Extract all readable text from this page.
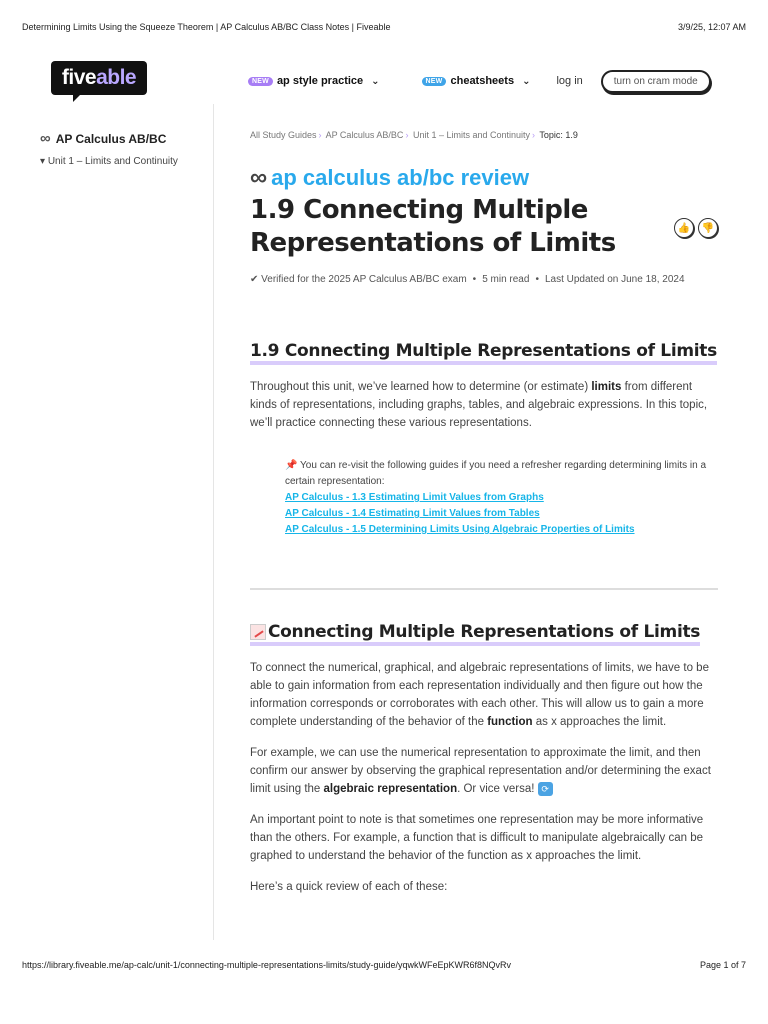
Determining Limits Using the Squeeze Theorem | AP Calculus AB/BC Class Notes | Fiveable	3/9/25, 12:07 AM
five able	NEW ap style practice ⌄	NEW cheatsheets ⌄ log in	turn on cram mode
∞ AP Calculus AB/BC
▾ Unit 1 – Limits and Continuity
All Study Guides › AP Calculus AB/BC › Unit 1 – Limits and Continuity › Topic: 1.9
∞ ap calculus ab/bc review
1.9 Connecting Multiple Representations of Limits	👍	👎
✔ Verified for the 2025 AP Calculus AB/BC exam • 5 min read • Last Updated on June 18, 2024
1.9 Connecting Multiple Representations of Limits

Throughout this unit, we’ve learned how to determine (or estimate) limits from different kinds of representations, including graphs, tables, and algebraic expressions. In this topic, we’ll practice connecting these various representations.

📌 You can re-visit the following guides if you need a refresher regarding determining limits in a certain representation:

AP Calculus - 1.3 Estimating Limit Values from Graphs
AP Calculus - 1.4 Estimating Limit Values from Tables
AP Calculus - 1.5 Determining Limits Using Algebraic Properties of Limits
Connecting Multiple Representations of Limits

To connect the numerical, graphical, and algebraic representations of limits, we have to be able to gain information from each representation individually and then figure out how the information corresponds or corroborates with each other. This will allow us to gain a more complete understanding of the behavior of the function as x approaches the limit.

For example, we can use the numerical representation to approximate the limit, and then confirm our answer by observing the graphical representation and/or determining the exact limit using the algebraic representation. Or vice versa! ⟳

An important point to note is that sometimes one representation may be more informative than the others. For example, a function that is difficult to manipulate algebraically can be graphed to understand the behavior of the function as x approaches the limit.

Here’s a quick review of each of these:

https://library.fiveable.me/ap-calc/unit-1/connecting-multiple-representations-limits/study-guide/yqwkWFeEpKWR6f8NQvRv	Page 1 of 7
